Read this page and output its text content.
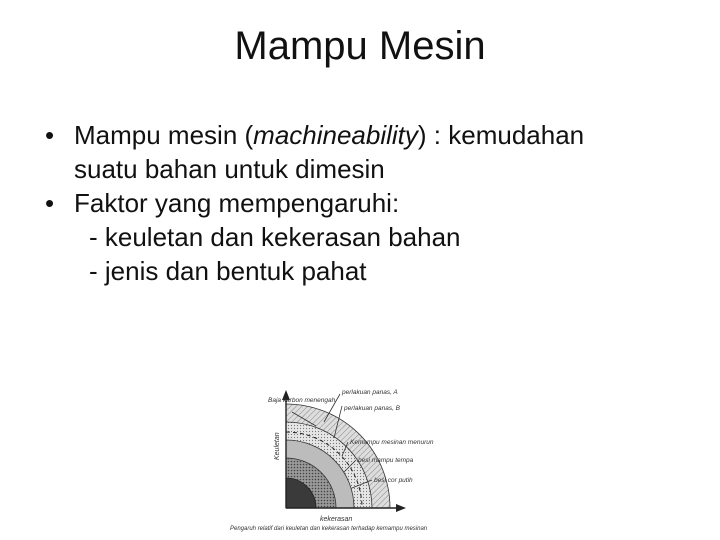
Mampu Mesin
• Mampu mesin (machineability) : kemudahan
suatu bahan untuk dimesin
• Faktor yang mempengaruhi:
- keuletan dan kekerasan bahan
- jenis dan bentuk pahat
Keuletan
kekerasan
Baja karbon menengah
perlakuan panas, A
perlakuan panas, B
Kemampu mesinan menurun
besi mampu tempa
besi cor putih
Pengaruh relatif dari keuletan dan kekerasan terhadap kemampu mesinan
